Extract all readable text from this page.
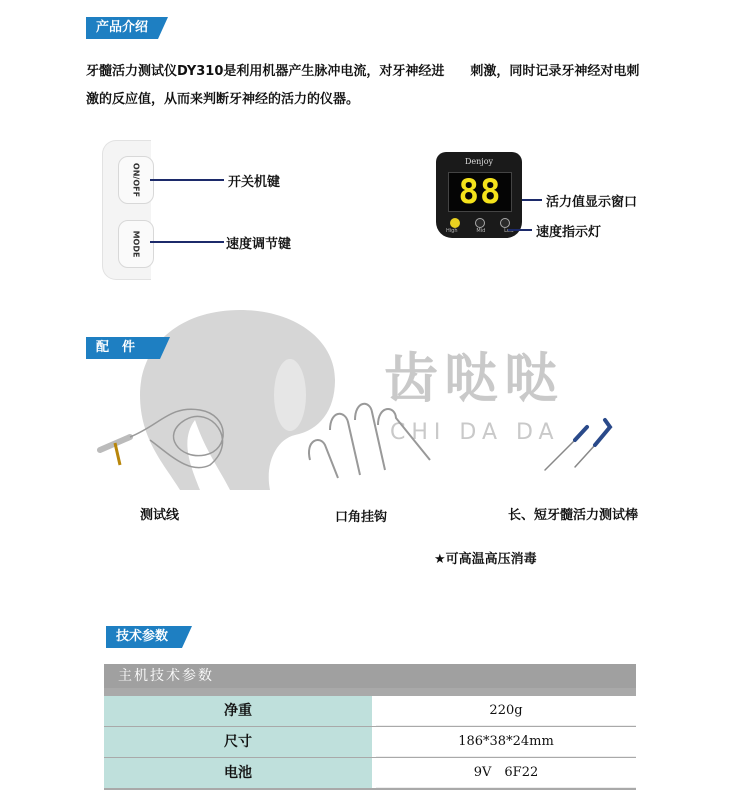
产品介绍
牙髓活力测试仪DY310是利用机器产生脉冲电流，对牙神经进　　刺激，同时记录牙神经对电刺
激的反应值，从而来判断牙神经的活力的仪器。
ON/OFF
MODE
开关机键
速度调节键
Denjoy
88
High	Mid	Low
活力值显示窗口
速度指示灯
齿哒哒
CHI DA DA
配　件
测试线	口角挂钩	长、短牙髓活力测试棒
★可高温高压消毒
技术参数
主机技术参数
净重	220g
尺寸	186*38*24mm
电池	9V　6F22
